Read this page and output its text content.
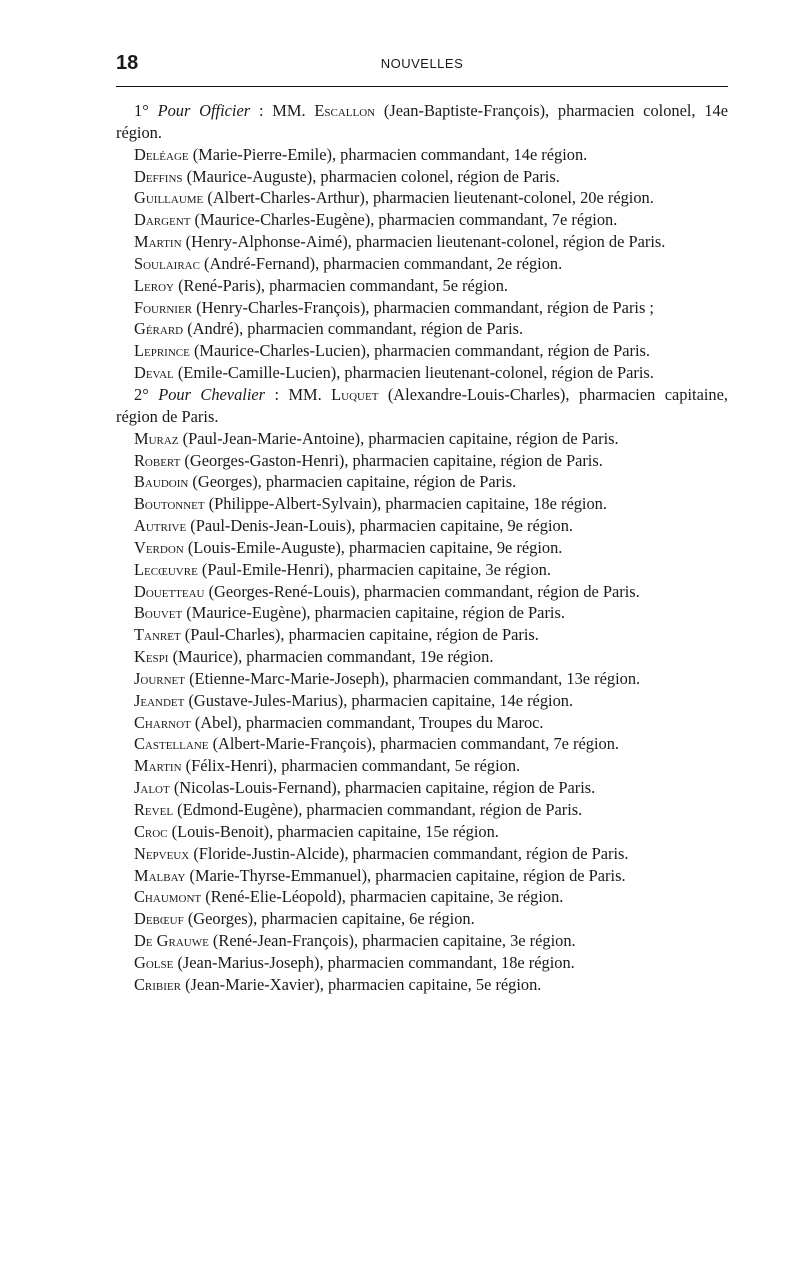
18	NOUVELLES

1° Pour Officier : MM. Escallon (Jean-Baptiste-François), pharmacien colonel, 14e région.

Deléage (Marie-Pierre-Emile), pharmacien commandant, 14e région.

Deffins (Maurice-Auguste), pharmacien colonel, région de Paris.

Guillaume (Albert-Charles-Arthur), pharmacien lieutenant-colonel, 20e région.

Dargent (Maurice-Charles-Eugène), pharmacien commandant, 7e région.

Martin (Henry-Alphonse-Aimé), pharmacien lieutenant-colonel, région de Paris.

Soulairac (André-Fernand), pharmacien commandant, 2e région.

Leroy (René-Paris), pharmacien commandant, 5e région.

Fournier (Henry-Charles-François), pharmacien commandant, région de Paris ;

Gérard (André), pharmacien commandant, région de Paris.

Leprince (Maurice-Charles-Lucien), pharmacien commandant, région de Paris.

Deval (Emile-Camille-Lucien), pharmacien lieutenant-colonel, région de Paris.

2° Pour Chevalier : MM. Luquet (Alexandre-Louis-Charles), pharmacien capitaine, région de Paris.

Muraz (Paul-Jean-Marie-Antoine), pharmacien capitaine, région de Paris.

Robert (Georges-Gaston-Henri), pharmacien capitaine, région de Paris.

Baudoin (Georges), pharmacien capitaine, région de Paris.

Boutonnet (Philippe-Albert-Sylvain), pharmacien capitaine, 18e région.

Autrive (Paul-Denis-Jean-Louis), pharmacien capitaine, 9e région.

Verdon (Louis-Emile-Auguste), pharmacien capitaine, 9e région.

Lecœuvre (Paul-Emile-Henri), pharmacien capitaine, 3e région.

Douetteau (Georges-René-Louis), pharmacien commandant, région de Paris.

Bouvet (Maurice-Eugène), pharmacien capitaine, région de Paris.

Tanret (Paul-Charles), pharmacien capitaine, région de Paris.

Kespi (Maurice), pharmacien commandant, 19e région.

Journet (Etienne-Marc-Marie-Joseph), pharmacien commandant, 13e région.

Jeandet (Gustave-Jules-Marius), pharmacien capitaine, 14e région.

Charnot (Abel), pharmacien commandant, Troupes du Maroc.

Castellane (Albert-Marie-François), pharmacien commandant, 7e région.

Martin (Félix-Henri), pharmacien commandant, 5e région.

Jalot (Nicolas-Louis-Fernand), pharmacien capitaine, région de Paris.

Revel (Edmond-Eugène), pharmacien commandant, région de Paris.

Croc (Louis-Benoit), pharmacien capitaine, 15e région.

Nepveux (Floride-Justin-Alcide), pharmacien commandant, région de Paris.

Malbay (Marie-Thyrse-Emmanuel), pharmacien capitaine, région de Paris.

Chaumont (René-Elie-Léopold), pharmacien capitaine, 3e région.

Debœuf (Georges), pharmacien capitaine, 6e région.

De Grauwe (René-Jean-François), pharmacien capitaine, 3e région.

Golse (Jean-Marius-Joseph), pharmacien commandant, 18e région.

Cribier (Jean-Marie-Xavier), pharmacien capitaine, 5e région.
